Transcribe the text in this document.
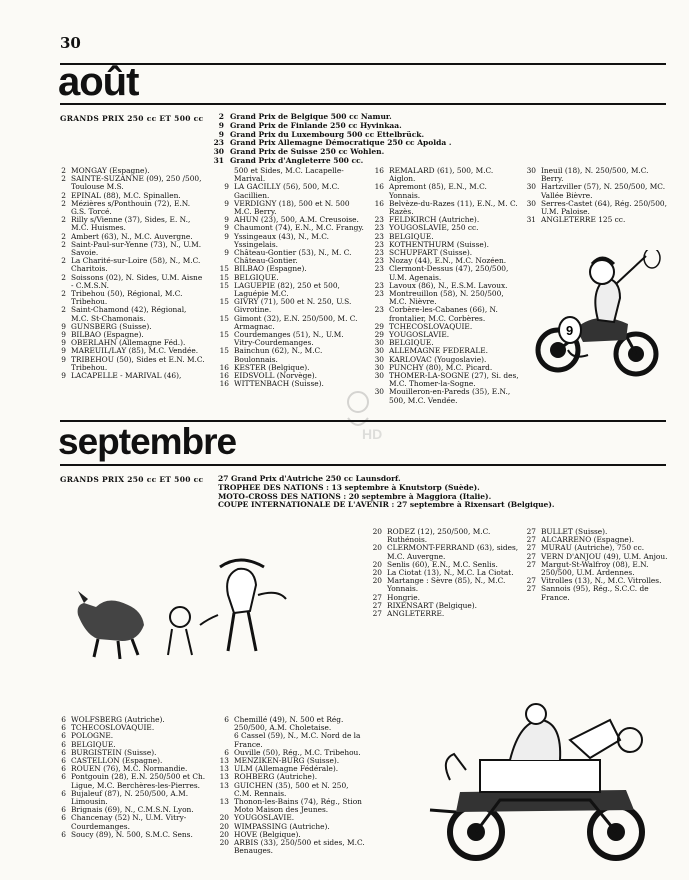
30
août
GRANDS PRIX 250 cc ET 500 cc	2 Grand Prix de Belgique 500 cc Namur.
9 Grand Prix de Finlande 250 cc Hyvinkaa.
9 Grand Prix du Luxembourg 500 cc Ettelbrück.
23 Grand Prix Allemagne Démocratique 250 cc Apolda .
30 Grand Prix de Suisse 250 cc Wohlen.
31 Grand Prix d'Angleterre 500 cc.
2 MONGAY (Espagne).
2 SAINTE-SUZANNE (09), 250 /500, Toulouse M.S.
2 EPINAL (88), M.C. Spinallen.
2 Mézières s/Ponthouin (72), E.N. G.S. Torcé.
2 Rilly s/Vienne (37), Sides, E. N., M.C. Huismes.
2 Ambert (63), N., M.C. Auvergne.
2 Saint-Paul-sur-Yenne (73), N., U.M. Savoie.
2 La Charité-sur-Loire (58), N., M.C. Charitois.
2 Soissons (02), N. Sides, U.M. Aisne - C.M.S.N.
2 Tribehou (50), Régional, M.C. Tribehou.
2 Saint-Chamond (42), Régional, M.C. St-Chamonais.
9 GUNSBERG (Suisse).
9 BILBAO (Espagne).
9 OBERLAHN (Allemagne Féd.).
9 MAREUIL/LAY (85), M.C. Vendée.
9 TRIBEHOU (50), Sides et E.N. M.C. Tribehou.
9 LACAPELLE - MARIVAL (46),
500 et Sides, M.C. Lacapelle-Marival.
9 LA GACILLY (56), 500, M.C. Gacillien.
9 VERDIGNY (18), 500 et N. 500 M.C. Berry.
9 AHUN (23), 500, A.M. Creusoise.
9 Chaumont (74), E.N., M.C. Frangy.
9 Yssingeaux (43), N., M.C. Yssingelais.
9 Château-Gontier (53), N., M. C. Château-Gontier.
15 BILBAO (Espagne).
15 BELGIQUE.
15 LAGUEPIE (82), 250 et 500, Laguépie M.C.
15 GIVRY (71), 500 et N. 250, U.S. Givrotine.
15 Gimont (32), E.N. 250/500, M. C. Armagnac.
15 Courdemanges (51), N., U.M. Vitry-Courdemanges.
15 Bainchun (62), N., M.C. Boulonnais.
16 KESTER (Belgique).
16 EIDSVOLL (Norvège).
16 WITTENBACH (Suisse).
16 REMALARD (61), 500, M.C. Aiglon.
16 Apremont (85), E.N., M.C. Yonnais.
16 Belvèze-du-Razes (11), E.N., M. C. Razès.
23 FELDKIRCH (Autriche).
23 YOUGOSLAVIE, 250 cc.
23 BELGIQUE.
23 KOTHENTHURM (Suisse).
23 SCHUPFART (Suisse).
23 Nozay (44), E.N., M.C. Nozéen.
23 Clermont-Dessus (47), 250/500, U.M. Agenais.
23 Lavoux (86), N., E.S.M. Lavoux.
23 Montreuillon (58), N. 250/500, M.C. Nièvre.
23 Corbère-les-Cabanes (66), N. frontalier, M.C. Corbères.
29 TCHECOSLOVAQUIE.
29 YOUGOSLAVIE.
30 BELGIQUE.
30 ALLEMAGNE FEDERALE.
30 KARLOVAC (Yougoslavie).
30 PUNCHY (80), M.C. Picard.
30 THOMER-LA-SOGNE (27), Si. des, M.C. Thomer-la-Sogne.
30 Mouilleron-en-Pareds (35), E.N., 500, M.C. Vendée.
30 Ineuil (18), N. 250/500, M.C. Berry.
30 Hartzviller (57), N. 250/500, MC. Vallée Bièvre.
30 Serres-Castet (64), Rég. 250/500, U.M. Paloise.
31 ANGLETERRE 125 cc.
9
HD
septembre
GRANDS PRIX 250 cc ET 500 cc 27 Grand Prix d'Autriche 250 cc Launsdorf.
TROPHEE DES NATIONS : 13 septembre à Knutstorp (Suède).
MOTO-CROSS DES NATIONS : 20 septembre à Maggiora (Italie).
COUPE INTERNATIONALE DE L'AVENIR : 27 septembre à Rixensart (Belgique).
20 RODEZ (12), 250/500, M.C. Ruthénois.
20 CLERMONT-FERRAND (63), sides, M.C. Auvergne.
20 Senlis (60), E.N., M.C. Senlis.
20 La Ciotat (13), N., M.C. La Ciotat.
20 Martange : Sèvre (85), N., M.C. Yonnais.
27 Hongrie.
27 RIXENSART (Belgique).
27 ANGLETERRE.
27 BULLET (Suisse).
27 ALCARRENO (Espagne).
27 MURAU (Autriche), 750 cc.
27 VERN D'ANJOU (49), U.M. Anjou.
27 Margut-St-Walfroy (08), E.N. 250/500, U.M. Ardennes.
27 Vitrolles (13), N., M.C. Vitrolles.
27 Sannois (95), Rég., S.C.C. de France.
6 WOLFSBERG (Autriche).
6 TCHECOSLOVAQUIE.
6 POLOGNE.
6 BELGIQUE.
6 BURGISTEIN (Suisse).
6 CASTELLON (Espagne).
6 ROUEN (76), M.C. Normandie.
6 Pontgouin (28), E.N. 250/500 et Ch. Ligue, M.C. Berchères-les-Pierres.
6 Bujaleuf (87), N. 250/500, A.M. Limousin.
6 Brignais (69), N., C.M.S.N. Lyon.
6 Chancenay (52) N., U.M. Vitry-Courdemanges.
6 Soucy (89), N. 500, S.M.C. Sens.
6 Chemillé (49), N. 500 et Rég. 250/500, A.M. Choletaise.
6 Cassel (59), N., M.C. Nord de la France.
6 Ouville (50), Rég., M.C. Tribehou.
13 MENZIKEN-BURG (Suisse).
13 ULM (Allemagne Fédérale).
13 ROHBERG (Autriche).
13 GUICHEN (35), 500 et N. 250, C.M. Rennais.
13 Thonon-les-Bains (74), Rég., Stion Moto Maison des Jeunes.
20 YOUGOSLAVIE.
20 WIMPASSING (Autriche).
20 HOVE (Belgique).
20 ARBIS (33), 250/500 et sides, M.C. Benauges.
